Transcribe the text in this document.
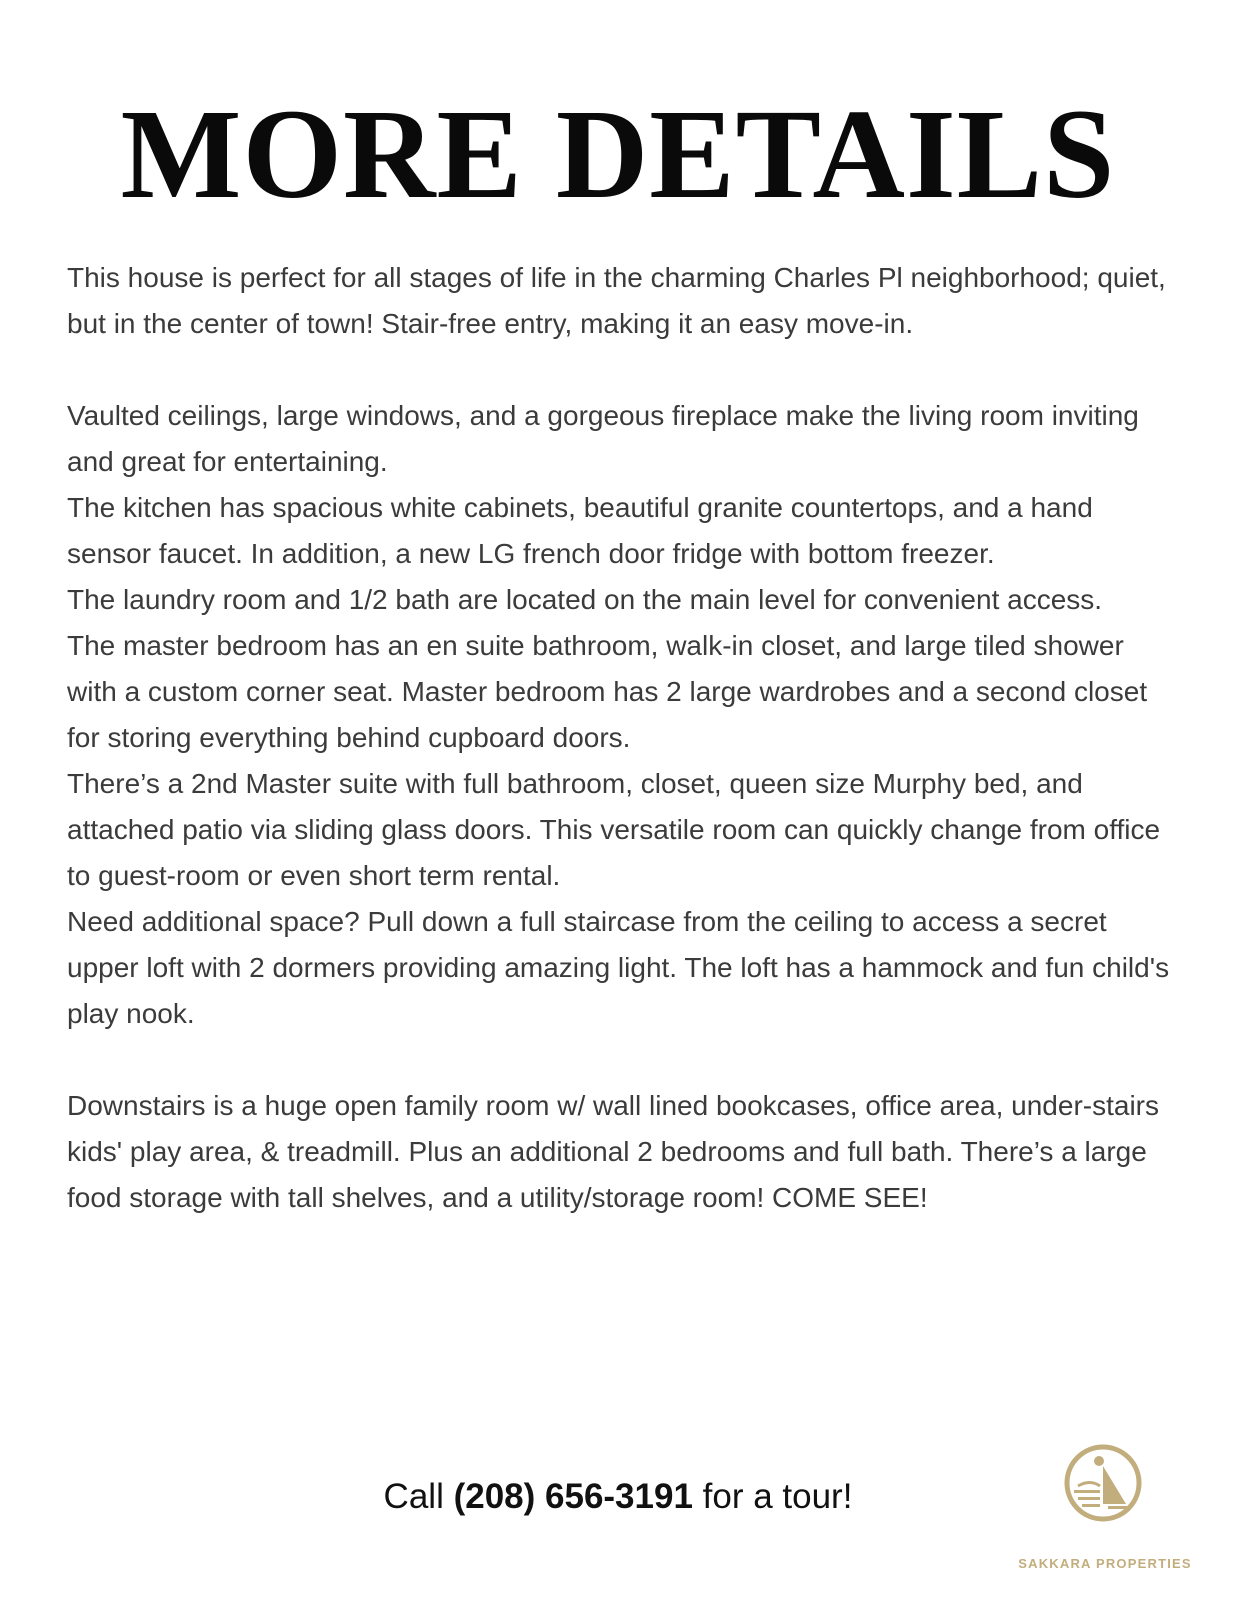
MORE DETAILS

This house is perfect for all stages of life in the charming Charles Pl neighborhood; quiet, but in the center of town! Stair-free entry, making it an easy move-in.

Vaulted ceilings, large windows, and a gorgeous fireplace make the living room inviting and great for entertaining.

The kitchen has spacious white cabinets, beautiful granite countertops, and a hand sensor faucet. In addition, a new LG french door fridge with bottom freezer.

The laundry room and 1/2 bath are located on the main level for convenient access.

The master bedroom has an en suite bathroom, walk-in closet, and large tiled shower with a custom corner seat. Master bedroom has 2 large wardrobes and a second closet for storing everything behind cupboard doors.

There’s a 2nd Master suite with full bathroom, closet, queen size Murphy bed, and attached patio via sliding glass doors. This versatile room can quickly change from office to guest-room or even short term rental.

Need additional space? Pull down a full staircase from the ceiling to access a secret upper loft with 2 dormers providing amazing light. The loft has a hammock and fun child's play nook.

Downstairs is a huge open family room w/ wall lined bookcases, office area, under-stairs kids' play area, & treadmill. Plus an additional 2 bedrooms and full bath. There’s a large food storage with tall shelves, and a utility/storage room! COME SEE!

Call (208) 656-3191 for a tour!
SAKKARA PROPERTIES
